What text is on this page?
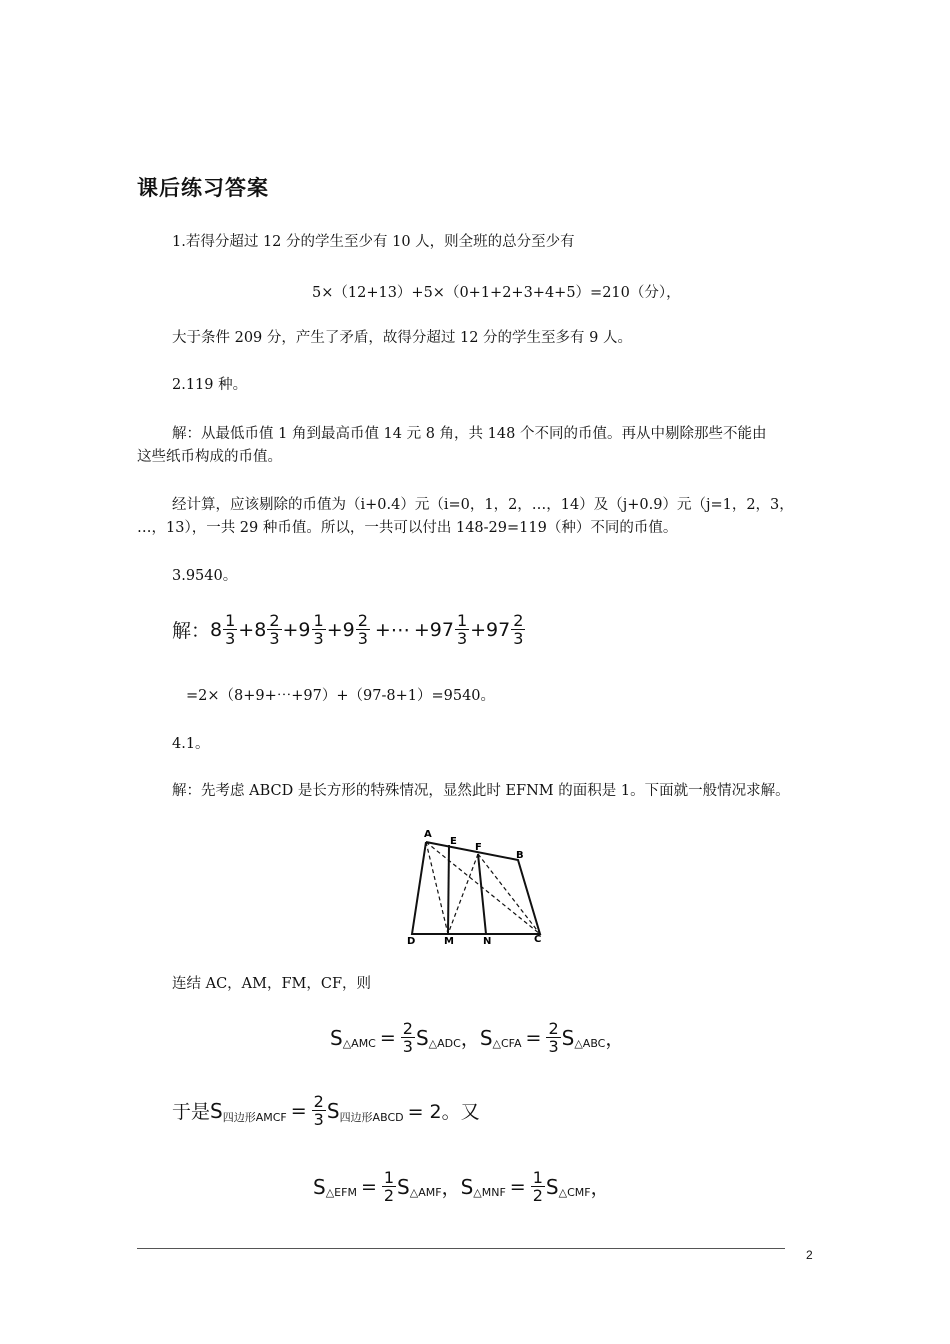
课后练习答案
1.若得分超过 12 分的学生至少有 10 人，则全班的总分至少有
5×（12+13）+5×（0+1+2+3+4+5）=210（分），
大于条件 209 分，产生了矛盾，故得分超过 12 分的学生至多有 9 人。
2.119 种。
解：从最低币值 1 角到最高币值 14 元 8 角，共 148 个不同的币值。再从中剔除那些不能由
这些纸币构成的币值。
经计算，应该剔除的币值为（i+0.4）元（i=0，1，2，…，14）及（j+0.9）元（j=1，2，3，
…，13），一共 29 种币值。所以，一共可以付出 148-29=119（种）不同的币值。
3.9540。
解： $8 \frac{1}{3} + 8 \frac{2}{3} + 9 \frac{1}{3} + 9 \frac{2}{3}$ +⋯ + $97 \frac{1}{3} + 97 \frac{2}{3}$
=2×（8+9+⋯+97）+（97-8+1）=9540。
4.1。
解：先考虑 ABCD 是长方形的特殊情况，显然此时 EFNM 的面积是 1。下面就一般情况求解。
A
E
F
B
D	M	N	C
连结 AC，AM，FM，CF，则
S △AMC = $\frac{2}{3}$ S △ADC ， S △CFA = $\frac{2}{3}$ S △ABC ，
于是 S 四边形AMCF = $\frac{2}{3}$ S 四边形ABCD = 2。又
S △EFM = $\frac{1}{2}$ S △AMF ， S △MNF = $\frac{1}{2}$ S △CMF ，
2
